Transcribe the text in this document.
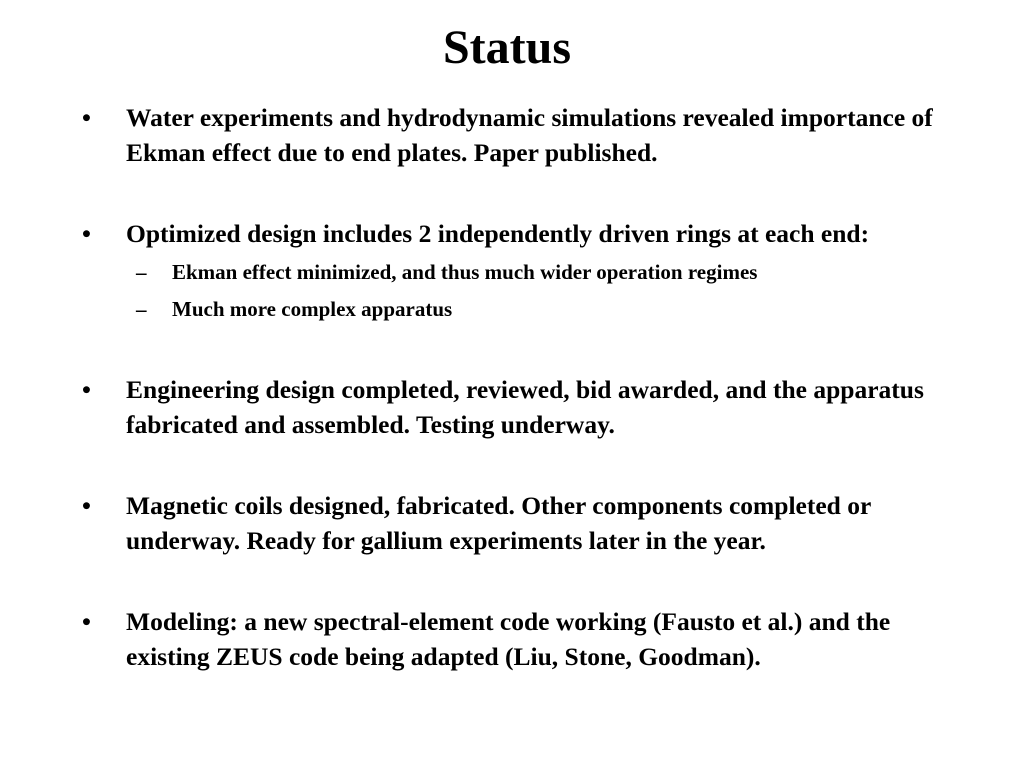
Status
•	Water experiments and hydrodynamic simulations revealed importance of Ekman effect due to end plates. Paper published.
•	Optimized design includes 2 independently driven rings at each end:
– Ekman effect minimized, and thus much wider operation regimes
– Much more complex apparatus
•	Engineering design completed, reviewed, bid awarded, and the apparatus fabricated and assembled. Testing underway.
•	Magnetic coils designed, fabricated. Other components completed or underway. Ready for gallium experiments later in the year.
•	Modeling: a new spectral-element code working (Fausto et al.) and the existing ZEUS code being adapted (Liu, Stone, Goodman).
